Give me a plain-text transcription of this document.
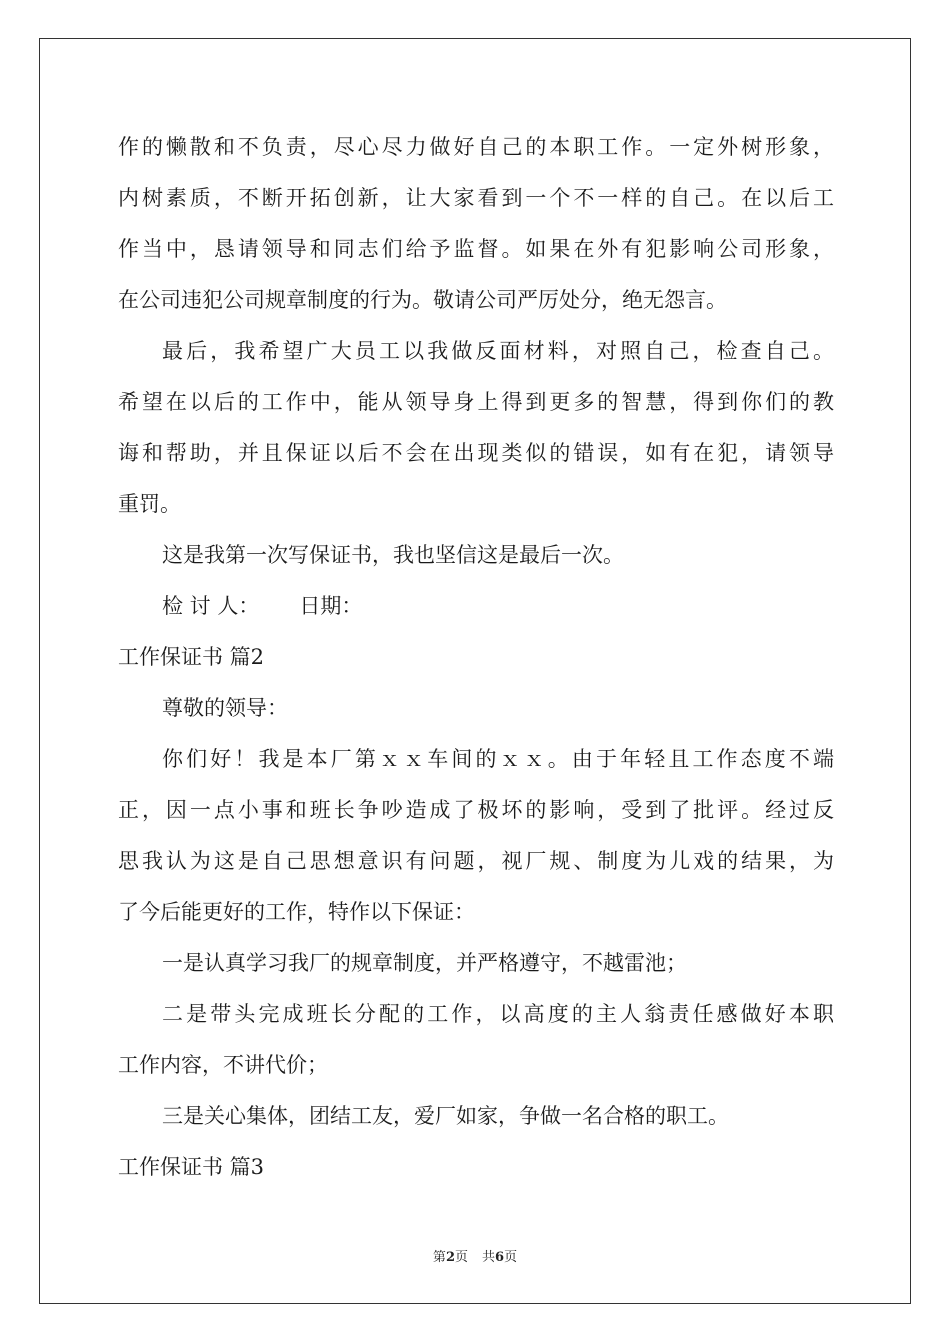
作的懒散和不负责，尽心尽力做好自己的本职工作。一定外树形象，
内树素质，不断开拓创新，让大家看到一个不一样的自己。在以后工
作当中，恳请领导和同志们给予监督。如果在外有犯影响公司形象，
在公司违犯公司规章制度的行为。敬请公司严厉处分，绝无怨言。
最后，我希望广大员工以我做反面材料，对照自己，检查自己。
希望在以后的工作中，能从领导身上得到更多的智慧，得到你们的教
诲和帮助，并且保证以后不会在出现类似的错误，如有在犯，请领导
重罚。
这是我第一次写保证书，我也坚信这是最后一次。
检 讨 人： 日期：
工作保证书 篇2
尊敬的领导：
你们好！我是本厂第ｘｘ车间的ｘｘ。由于年轻且工作态度不端
正，因一点小事和班长争吵造成了极坏的影响，受到了批评。经过反
思我认为这是自己思想意识有问题，视厂规、制度为儿戏的结果，为
了今后能更好的工作，特作以下保证：
一是认真学习我厂的规章制度，并严格遵守，不越雷池；
二是带头完成班长分配的工作，以高度的主人翁责任感做好本职
工作内容，不讲代价；
三是关心集体，团结工友，爱厂如家，争做一名合格的职工。
工作保证书 篇3
第2页 共6页
